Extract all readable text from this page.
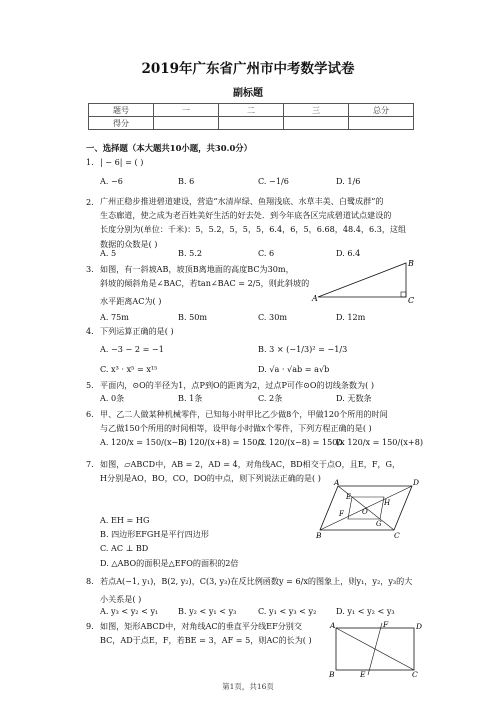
2019年广东省广州市中考数学试卷
副标题
题号	一	二	三	总分
得分				
一、选择题（本大题共10小题，共30.0分）
1. | − 6| = ( )
A. −6	B. 6	C. −1/6	D. 1/6
2. 广州正稳步推进碧道建设，营造“水清岸绿、鱼翔浅底、水草丰美、白鹭成群”的
生态廊道，使之成为老百姓美好生活的好去处．到今年底各区完成碧道试点建设的
长度分别为(单位：千米)：5，5.2，5，5，5，6.4，6，5，6.68，48.4，6.3，这组
数据的众数是( )
A. 5	B. 5.2	C. 6	D. 6.4
3. 如图，有一斜坡AB，坡顶B离地面的高度BC为30m，
斜坡的倾斜角是∠BAC，若tan∠BAC = 2/5，则此斜坡的
水平距离AC为( )
B
A	C
A. 75m	B. 50m	C. 30m	D. 12m
4. 下列运算正确的是( )
A. −3 − 2 = −1	B. 3 × (−1/3)² = −1/3
C. x³ · x⁵ = x¹⁵	D. √a · √ab = a√b
5. 平面内，⊙O的半径为1，点P到O的距离为2，过点P可作⊙O的切线条数为( )
A. 0条	B. 1条	C. 2条	D. 无数条
6. 甲、乙二人做某种机械零件，已知每小时甲比乙少做8个，甲做120个所用的时间
与乙做150个所用的时间相等，设甲每小时做x个零件，下列方程正确的是( )
A. 120/x = 150/(x−8)
B. 120/(x+8) = 150/x
C. 120/(x−8) = 150/x
D. 120/x = 150/(x+8)
7. 如图，▱ABCD中，AB = 2，AD = 4，对角线AC，BD相交于点O，且E，F，G，
H分别是AO，BO，CO，DO的中点，则下列说法正确的是( )	A	D
E
H
F	O
G
B	C
A. EH = HG
B. 四边形EFGH是平行四边形
C. AC ⊥ BD
D. △ABO的面积是△EFO的面积的2倍
8. 若点A(−1, y₁)，B(2, y₂)，C(3, y₃)在反比例函数y = 6/x的图象上，则y₁，y₂，y₃的大
小关系是( )
A. y₃ < y₂ < y₁ B. y₂ < y₁ < y₃	C. y₁ < y₃ < y₂ D. y₁ < y₂ < y₃
9. 如图，矩形ABCD中，对角线AC的垂直平分线EF分别交
BC，AD于点E，F，若BE = 3，AF = 5，则AC的长为( )
A	F	D
B	E	C
第1页，共16页
